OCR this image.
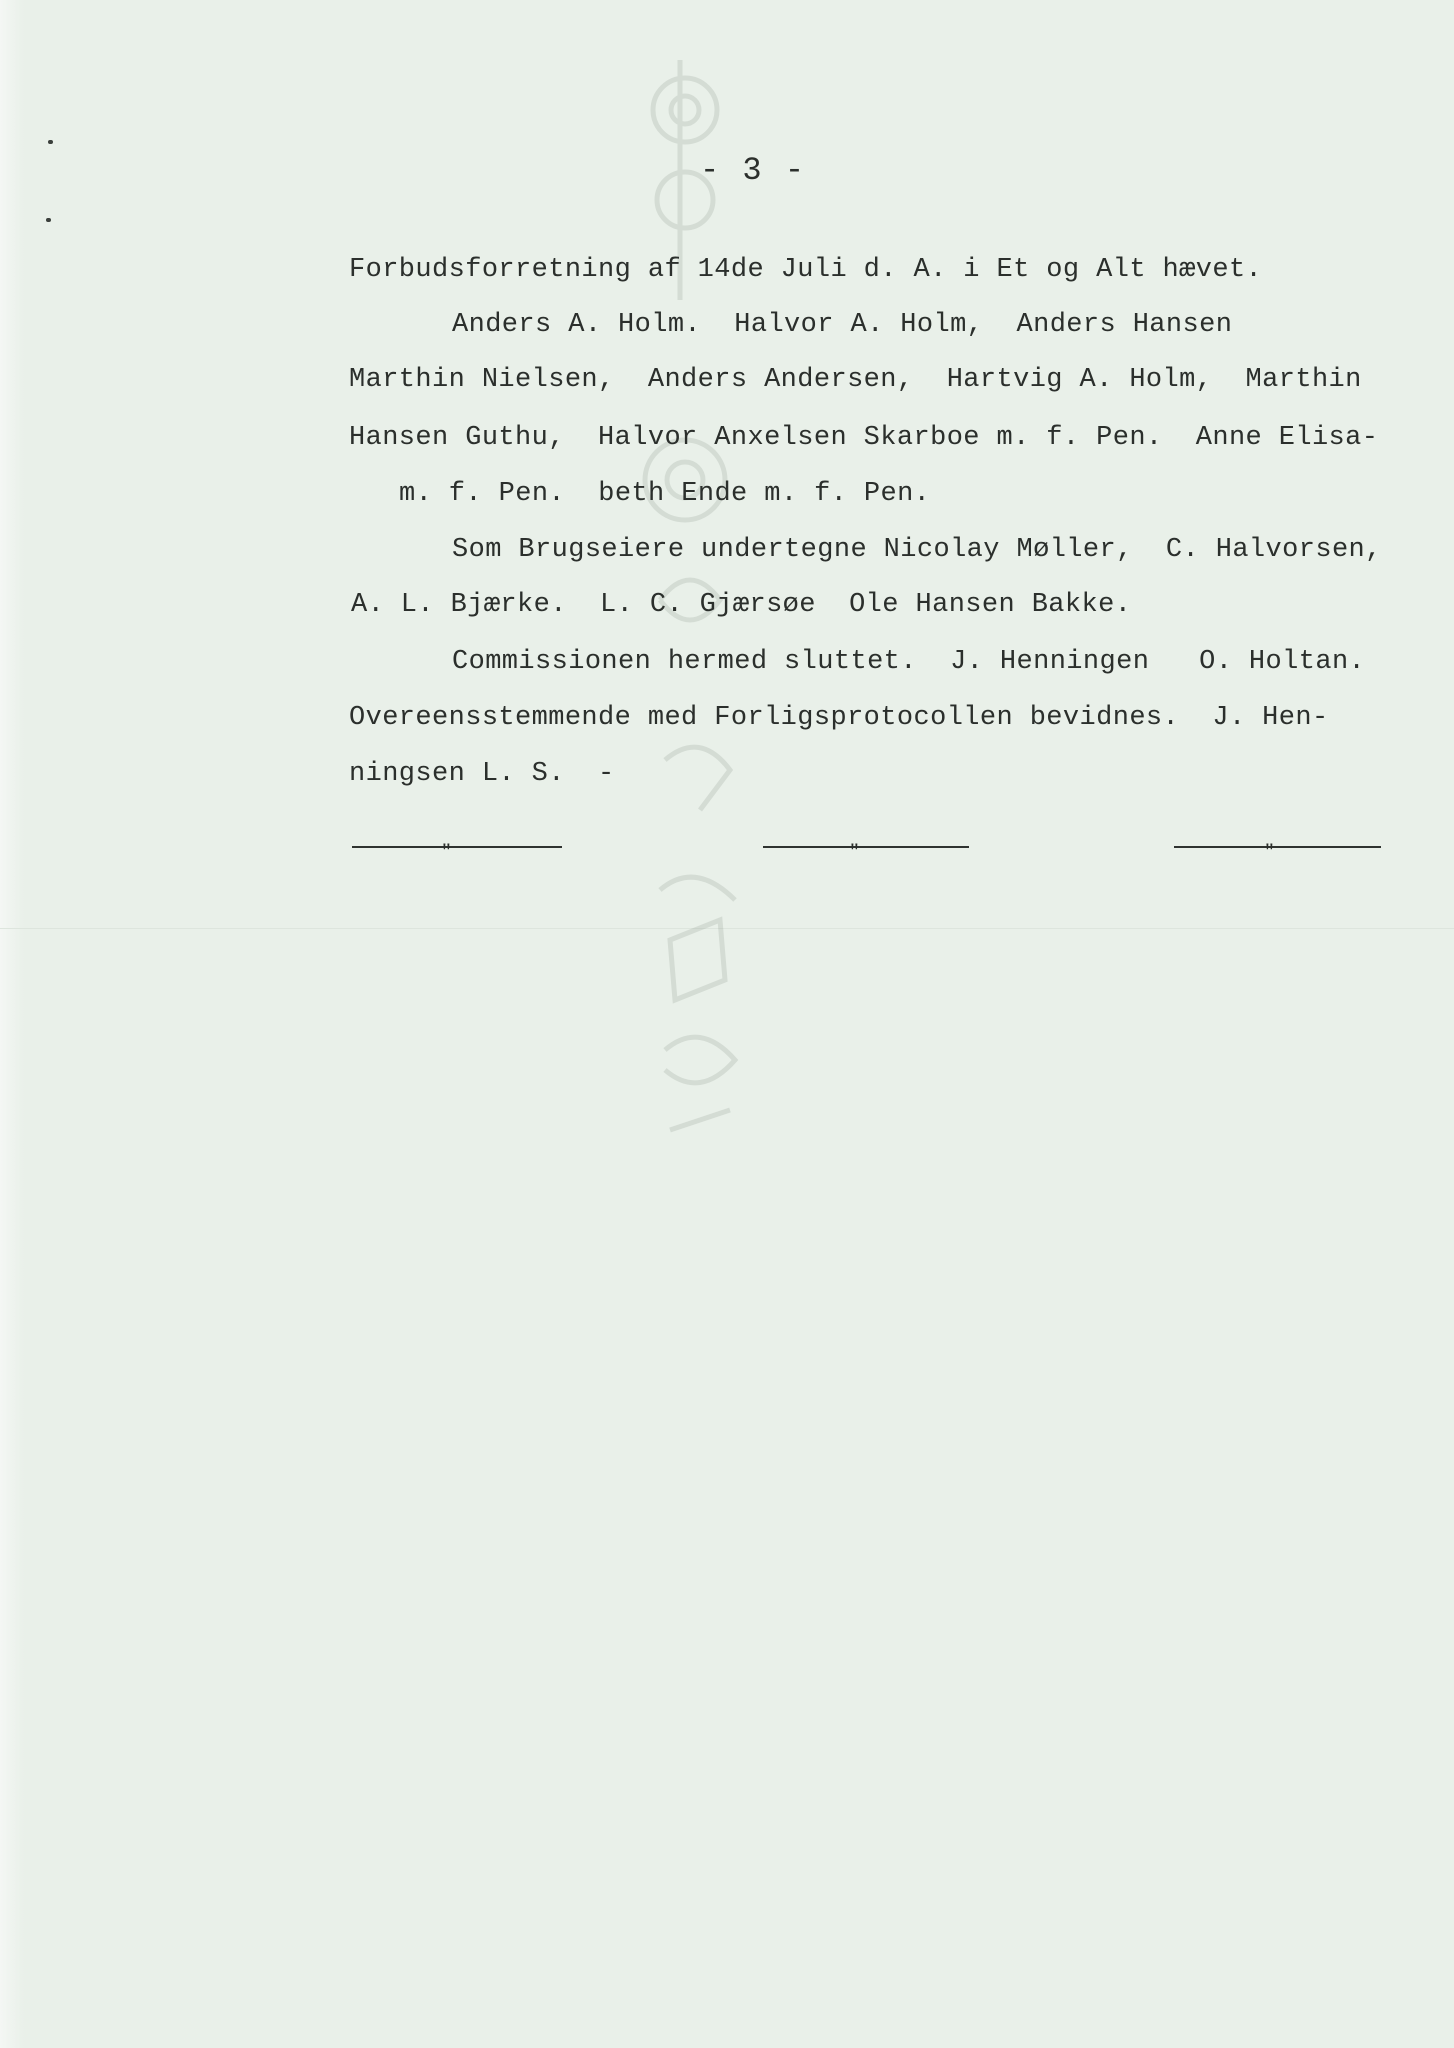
- 3 -
Forbudsforretning af 14de Juli d. A. i Et og Alt hævet.
Anders A. Holm.  Halvor A. Holm,  Anders Hansen
Marthin Nielsen,  Anders Andersen,  Hartvig A. Holm,  Marthin
Hansen Guthu,  Halvor Anxelsen Skarboe m. f. Pen.  Anne Elisa-
m. f. Pen.  beth Ende m. f. Pen.
Som Brugseiere undertegne Nicolay Møller,  C. Halvorsen,
A. L. Bjærke.  L. C. Gjærsøe  Ole Hansen Bakke.
Commissionen hermed sluttet.  J. Henningen   O. Holtan.
Overeensstemmende med Forligsprotocollen bevidnes.  J. Hen-
ningsen L. S.  -
"	"	"
